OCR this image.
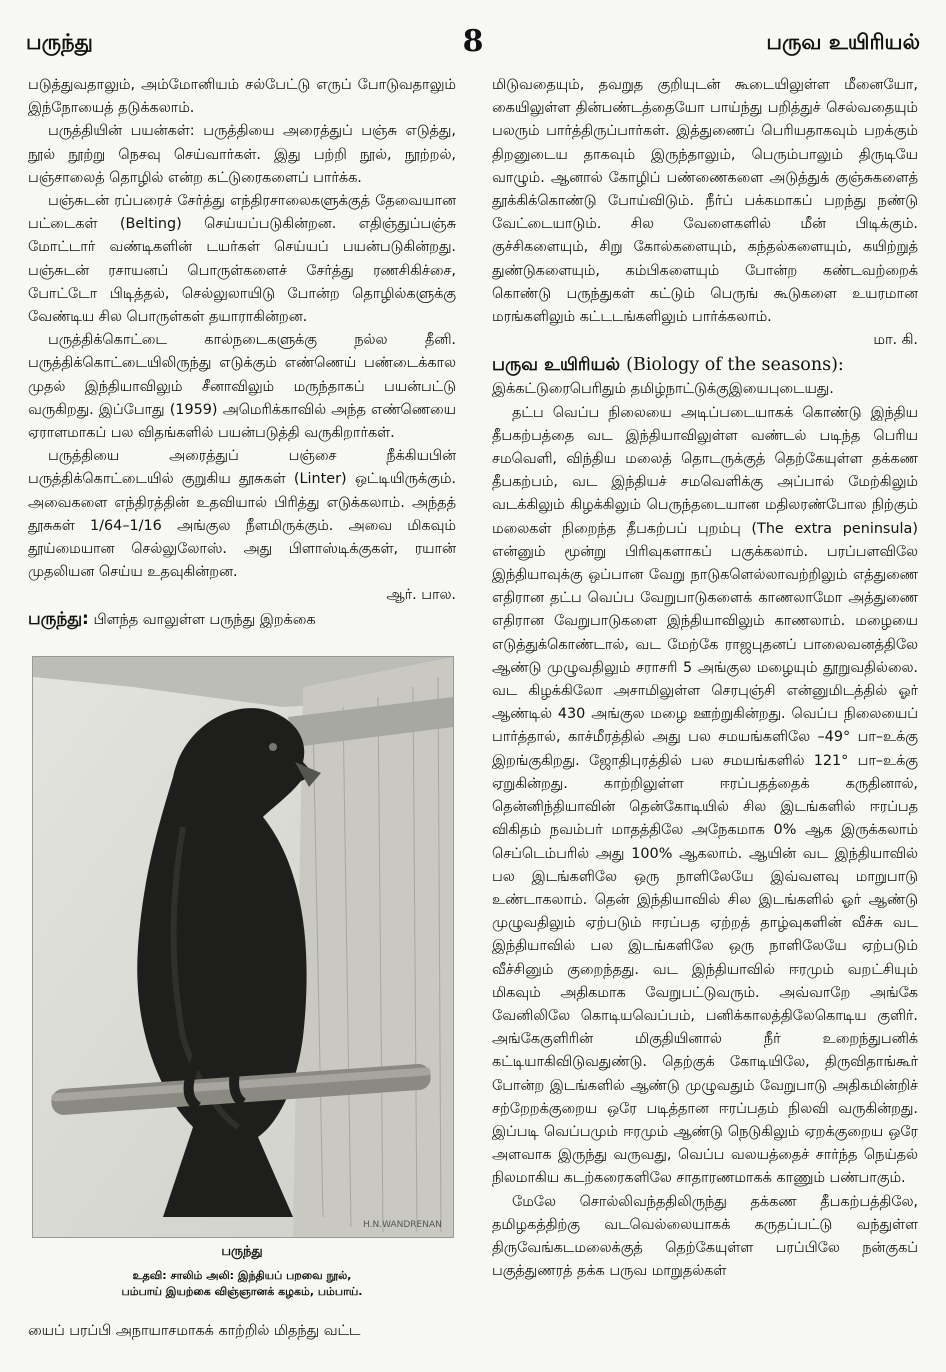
பருந்து	8	பருவ உயிரியல்

படுத்துவதாலும், அம்மோனியம் சல்பேட்டு எருப் போடுவதாலும் இந்நோயைத் தடுக்கலாம்.

பருத்தியின் பயன்கள்: பருத்தியை அரைத்துப் பஞ்சு எடுத்து, நூல் நூற்று நெசவு செய்வார்கள். இது பற்றி நூல், நூற்றல், பஞ்சாலைத் தொழில் என்ற கட்டுரைகளைப் பார்க்க.

பஞ்சுடன் ரப்பரைச் சேர்த்து எந்திரசாலைகளுக்குத் தேவையான பட்டைகள் (Belting) செய்யப்படுகின்றன. எதிஞ்துப்பஞ்சு மோட்டார் வண்டிகளின் டயர்கள் செய்யப் பயன்படுகின்றது. பஞ்சுடன் ரசாயனப் பொருள்களைச் சேர்த்து ரணசிகிச்சை, போட்டோ பிடித்தல், செல்லுலாயிடு போன்ற தொழில்களுக்கு வேண்டிய சில பொருள்கள் தயாராகின்றன.

பருத்திக்கொட்டை கால்நடைகளுக்கு நல்ல தீனி. பருத்திக்கொட்டையிலிருந்து எடுக்கும் எண்ணெய் பண்டைக்கால முதல் இந்தியாவிலும் சீனாவிலும் மருந்தாகப் பயன்பட்டு வருகிறது. இப்போது (1959) அமெரிக்காவில் அந்த எண்ணெயை ஏராளமாகப் பல விதங்களில் பயன்படுத்தி வருகிறார்கள்.

பருத்தியை அரைத்துப் பஞ்சை நீக்கியபின் பருத்திக்கொட்டையில் குறுகிய தூசுகள் (Linter) ஒட்டியிருக்கும். அவைகளை எந்திரத்தின் உதவியால் பிரித்து எடுக்கலாம். அந்தத் தூசுகள் 1/64–1/16 அங்குல நீளமிருக்கும். அவை மிகவும் தூய்மையான செல்லுலோஸ். அது பிளாஸ்டிக்குகள், ரயான் முதலியன செய்ய உதவுகின்றன.

ஆர். பால.

பருந்து: பிளந்த வாலுள்ள பருந்து இறக்கை

H.N.WANDRENAN
பருந்து
உதவி: சாலிம் அலி: இந்தியப் பறவை நூல்,
பம்பாய் இயற்கை விஞ்ஞானக் கழகம், பம்பாய்.
யைப் பரப்பி அநாயாசமாகக் காற்றில் மிதந்து வட்ட

மிடுவதையும், தவறுத குறியுடன் கூடையிலுள்ள மீனையோ, கையிலுள்ள தின்பண்டத்தையோ பாய்ந்து பறித்துச் செல்வதையும் பலரும் பார்த்திருப்பார்கள். இத்துணைப் பெரியதாகவும் பறக்கும் திறனுடைய தாகவும் இருந்தாலும், பெரும்பாலும் திருடியே வாழும். ஆனால் கோழிப் பண்ணைகளை அடுத்துக் குஞ்சுகளைத் தூக்கிக்கொண்டு போய்விடும். நீர்ப் பக்கமாகப் பறந்து நண்டு வேட்டையாடும். சில வேளைகளில் மீன் பிடிக்கும். குச்சிகளையும், சிறு கோல்களையும், கந்தல்களையும், கயிற்றுத் துண்டுகளையும், கம்பிகளையும் போன்ற கண்டவற்றைக் கொண்டு பருந்துகள் கட்டும் பெருங் கூடுகளை உயரமான மரங்களிலும் கட்டடங்களிலும் பார்க்கலாம்.

மா. கி.

பருவ உயிரியல் (Biology of the seasons):

இக்கட்டுரைபெரிதும் தமிழ்நாட்டுக்குஇயைபுடையது.

தட்ப வெப்ப நிலையை அடிப்படையாகக் கொண்டு இந்திய தீபகற்பத்தை வட இந்தியாவிலுள்ள வண்டல் படிந்த பெரிய சமவெளி, விந்திய மலைத் தொடருக்குத் தெற்கேயுள்ள தக்கண தீபகற்பம், வட இந்தியச் சமவெளிக்கு அப்பால் மேற்கிலும் வடக்கிலும் கிழக்கிலும் பெருந்தடையான மதிலரண்போல நிற்கும் மலைகள் நிறைந்த தீபகற்பப் புறம்பு (The extra peninsula) என்னும் மூன்று பிரிவுகளாகப் பகுக்கலாம். பரப்பளவிலே இந்தியாவுக்கு ஒப்பான வேறு நாடுகளெல்லாவற்றிலும் எத்துணை எதிரான தட்ப வெப்ப வேறுபாடுகளைக் காணலாமோ அத்துணை எதிரான வேறுபாடுகளை இந்தியாவிலும் காணலாம். மழையை எடுத்துக்கொண்டால், வட மேற்கே ராஜபுதனப் பாலைவனத்திலே ஆண்டு முழுவதிலும் சராசரி 5 அங்குல மழையும் தூறுவதில்லை. வட கிழக்கிலோ அசாமிலுள்ள செரபுஞ்சி என்னுமிடத்தில் ஓர் ஆண்டில் 430 அங்குல மழை ஊற்றுகின்றது. வெப்ப நிலையைப் பார்த்தால், காச்மீரத்தில் அது பல சமயங்களிலே –49° பா–உக்கு இறங்குகிறது. ஜோதிபுரத்தில் பல சமயங்களில் 121° பா–உக்கு ஏறுகின்றது. காற்றிலுள்ள ஈரப்பதத்தைக் கருதினால், தென்னிந்தியாவின் தென்கோடியில் சில இடங்களில் ஈரப்பத விகிதம் நவம்பர் மாதத்திலே அநேகமாக 0% ஆக இருக்கலாம் செப்டெம்பரில் அது 100% ஆகலாம். ஆயின் வட இந்தியாவில் பல இடங்களிலே ஒரு நாளிலேயே இவ்வளவு மாறுபாடு உண்டாகலாம். தென் இந்தியாவில் சில இடங்களில் ஓர் ஆண்டு முழுவதிலும் ஏற்படும் ஈரப்பத ஏற்றத் தாழ்வுகளின் வீச்சு வட இந்தியாவில் பல இடங்களிலே ஒரு நாளிலேயே ஏற்படும் வீச்சினும் குறைந்தது. வட இந்தியாவில் ஈரமும் வறட்சியும் மிகவும் அதிகமாக வேறுபட்டுவரும். அவ்வாறே அங்கே வேனிலிலே கொடியவெப்பம், பனிக்காலத்திலேகொடிய குளிர். அங்கேகுளிரின் மிகுதியினால் நீர் உறைந்துபனிக் கட்டியாகிவிடுவதுண்டு. தெற்குக் கோடியிலே, திருவிதாங்கூர் போன்ற இடங்களில் ஆண்டு முழுவதும் வேறுபாடு அதிகமின்றிச் சற்றேறக்குறைய ஒரே படித்தான ஈரப்பதம் நிலவி வருகின்றது. இப்படி வெப்பமும் ஈரமும் ஆண்டு நெடுகிலும் ஏறக்குறைய ஒரே அளவாக இருந்து வருவது, வெப்ப வலயத்தைச் சார்ந்த நெய்தல் நிலமாகிய கடற்கரைகளிலே சாதாரணமாகக் காணும் பண்பாகும்.

மேலே சொல்லிவந்ததிலிருந்து தக்கண தீபகற்பத்திலே, தமிழகத்திற்கு வடவெல்லையாகக் கருதப்பட்டு வந்துள்ள திருவேங்கடமலைக்குத் தெற்கேயுள்ள பரப்பிலே நன்குகப் பகுத்துணரத் தக்க பருவ மாறுதல்கள்
